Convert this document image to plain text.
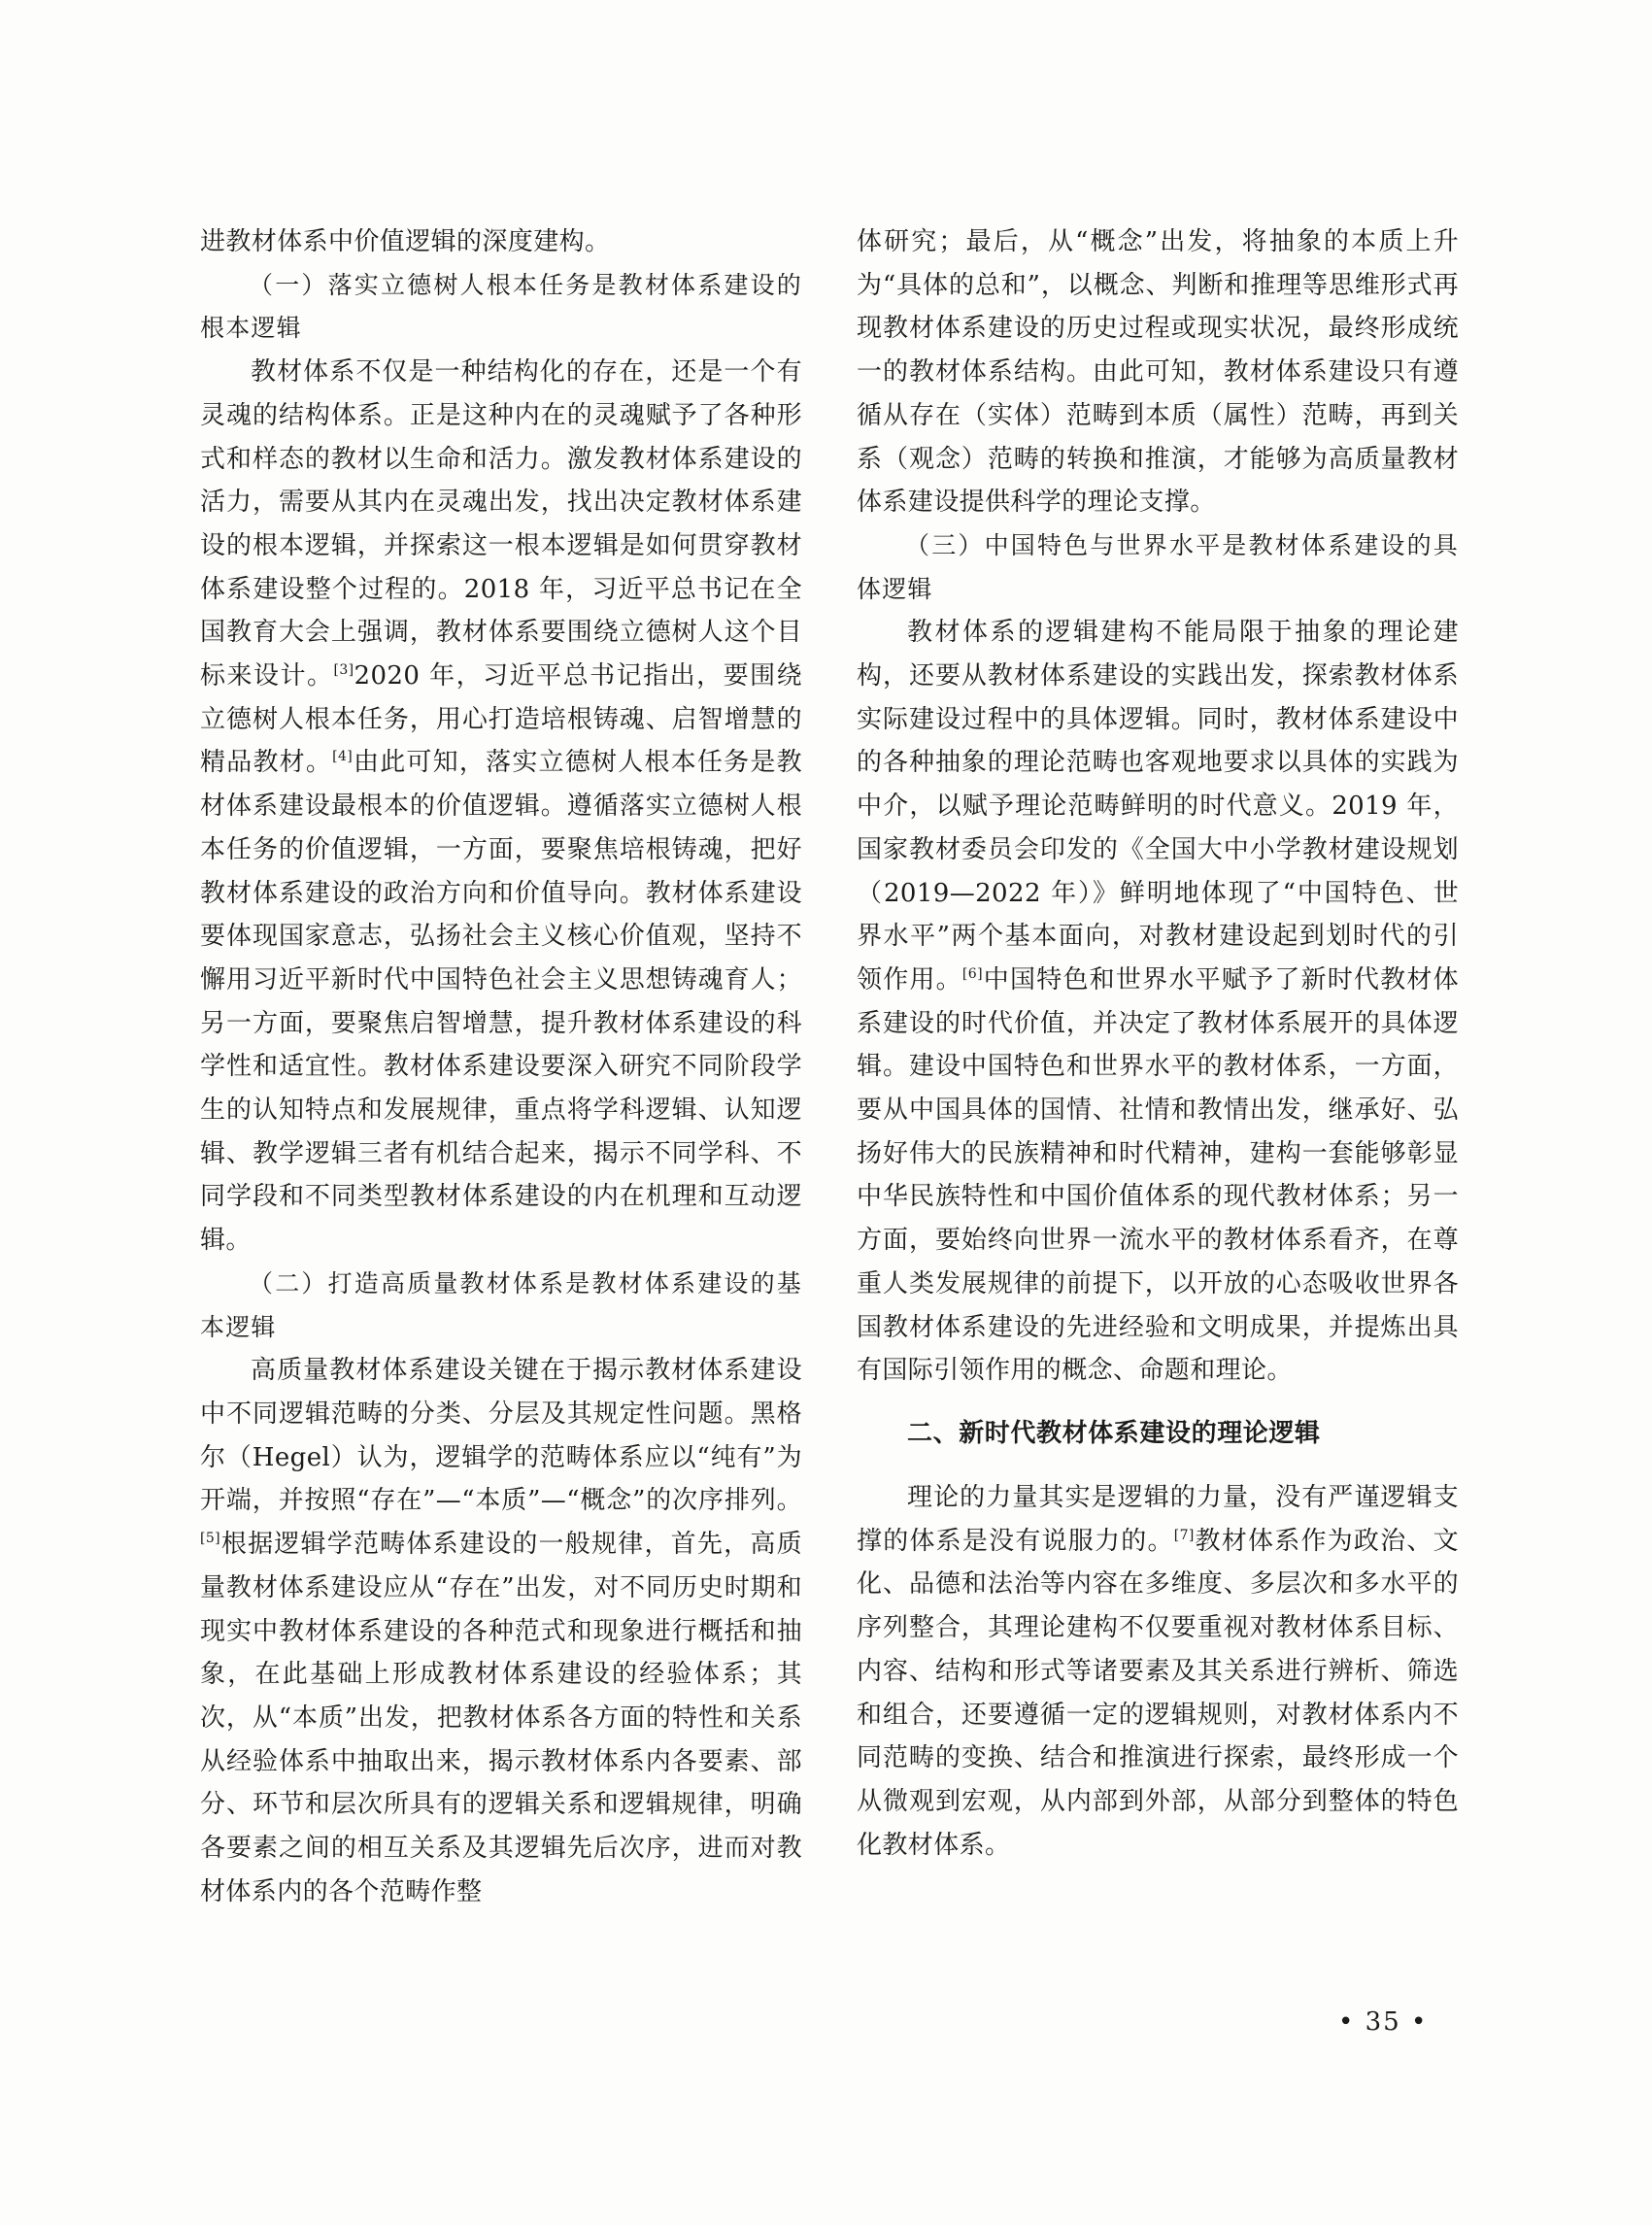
进教材体系中价值逻辑的深度建构。

（一）落实立德树人根本任务是教材体系建设的根本逻辑

教材体系不仅是一种结构化的存在，还是一个有灵魂的结构体系。正是这种内在的灵魂赋予了各种形式和样态的教材以生命和活力。激发教材体系建设的活力，需要从其内在灵魂出发，找出决定教材体系建设的根本逻辑，并探索这一根本逻辑是如何贯穿教材体系建设整个过程的。2018 年，习近平总书记在全国教育大会上强调，教材体系要围绕立德树人这个目标来设计。[3]2020 年，习近平总书记指出，要围绕立德树人根本任务，用心打造培根铸魂、启智增慧的精品教材。[4]由此可知，落实立德树人根本任务是教材体系建设最根本的价值逻辑。遵循落实立德树人根本任务的价值逻辑，一方面，要聚焦培根铸魂，把好教材体系建设的政治方向和价值导向。教材体系建设要体现国家意志，弘扬社会主义核心价值观，坚持不懈用习近平新时代中国特色社会主义思想铸魂育人；另一方面，要聚焦启智增慧，提升教材体系建设的科学性和适宜性。教材体系建设要深入研究不同阶段学生的认知特点和发展规律，重点将学科逻辑、认知逻辑、教学逻辑三者有机结合起来，揭示不同学科、不同学段和不同类型教材体系建设的内在机理和互动逻辑。

（二）打造高质量教材体系是教材体系建设的基本逻辑

高质量教材体系建设关键在于揭示教材体系建设中不同逻辑范畴的分类、分层及其规定性问题。黑格尔（Hegel）认为，逻辑学的范畴体系应以“纯有”为开端，并按照“存在”—“本质”—“概念”的次序排列。[5]根据逻辑学范畴体系建设的一般规律，首先，高质量教材体系建设应从“存在”出发，对不同历史时期和现实中教材体系建设的各种范式和现象进行概括和抽象，在此基础上形成教材体系建设的经验体系；其次，从“本质”出发，把教材体系各方面的特性和关系从经验体系中抽取出来，揭示教材体系内各要素、部分、环节和层次所具有的逻辑关系和逻辑规律，明确各要素之间的相互关系及其逻辑先后次序，进而对教材体系内的各个范畴作整

体研究；最后，从“概念”出发，将抽象的本质上升为“具体的总和”，以概念、判断和推理等思维形式再现教材体系建设的历史过程或现实状况，最终形成统一的教材体系结构。由此可知，教材体系建设只有遵循从存在（实体）范畴到本质（属性）范畴，再到关系（观念）范畴的转换和推演，才能够为高质量教材体系建设提供科学的理论支撑。

（三）中国特色与世界水平是教材体系建设的具体逻辑

教材体系的逻辑建构不能局限于抽象的理论建构，还要从教材体系建设的实践出发，探索教材体系实际建设过程中的具体逻辑。同时，教材体系建设中的各种抽象的理论范畴也客观地要求以具体的实践为中介，以赋予理论范畴鲜明的时代意义。2019 年，国家教材委员会印发的《全国大中小学教材建设规划（2019—2022 年）》鲜明地体现了“中国特色、世界水平”两个基本面向，对教材建设起到划时代的引领作用。[6]中国特色和世界水平赋予了新时代教材体系建设的时代价值，并决定了教材体系展开的具体逻辑。建设中国特色和世界水平的教材体系，一方面，要从中国具体的国情、社情和教情出发，继承好、弘扬好伟大的民族精神和时代精神，建构一套能够彰显中华民族特性和中国价值体系的现代教材体系；另一方面，要始终向世界一流水平的教材体系看齐，在尊重人类发展规律的前提下，以开放的心态吸收世界各国教材体系建设的先进经验和文明成果，并提炼出具有国际引领作用的概念、命题和理论。

二、新时代教材体系建设的理论逻辑

理论的力量其实是逻辑的力量，没有严谨逻辑支撑的体系是没有说服力的。[7]教材体系作为政治、文化、品德和法治等内容在多维度、多层次和多水平的序列整合，其理论建构不仅要重视对教材体系目标、内容、结构和形式等诸要素及其关系进行辨析、筛选和组合，还要遵循一定的逻辑规则，对教材体系内不同范畴的变换、结合和推演进行探索，最终形成一个从微观到宏观，从内部到外部，从部分到整体的特色化教材体系。

• 35 •
